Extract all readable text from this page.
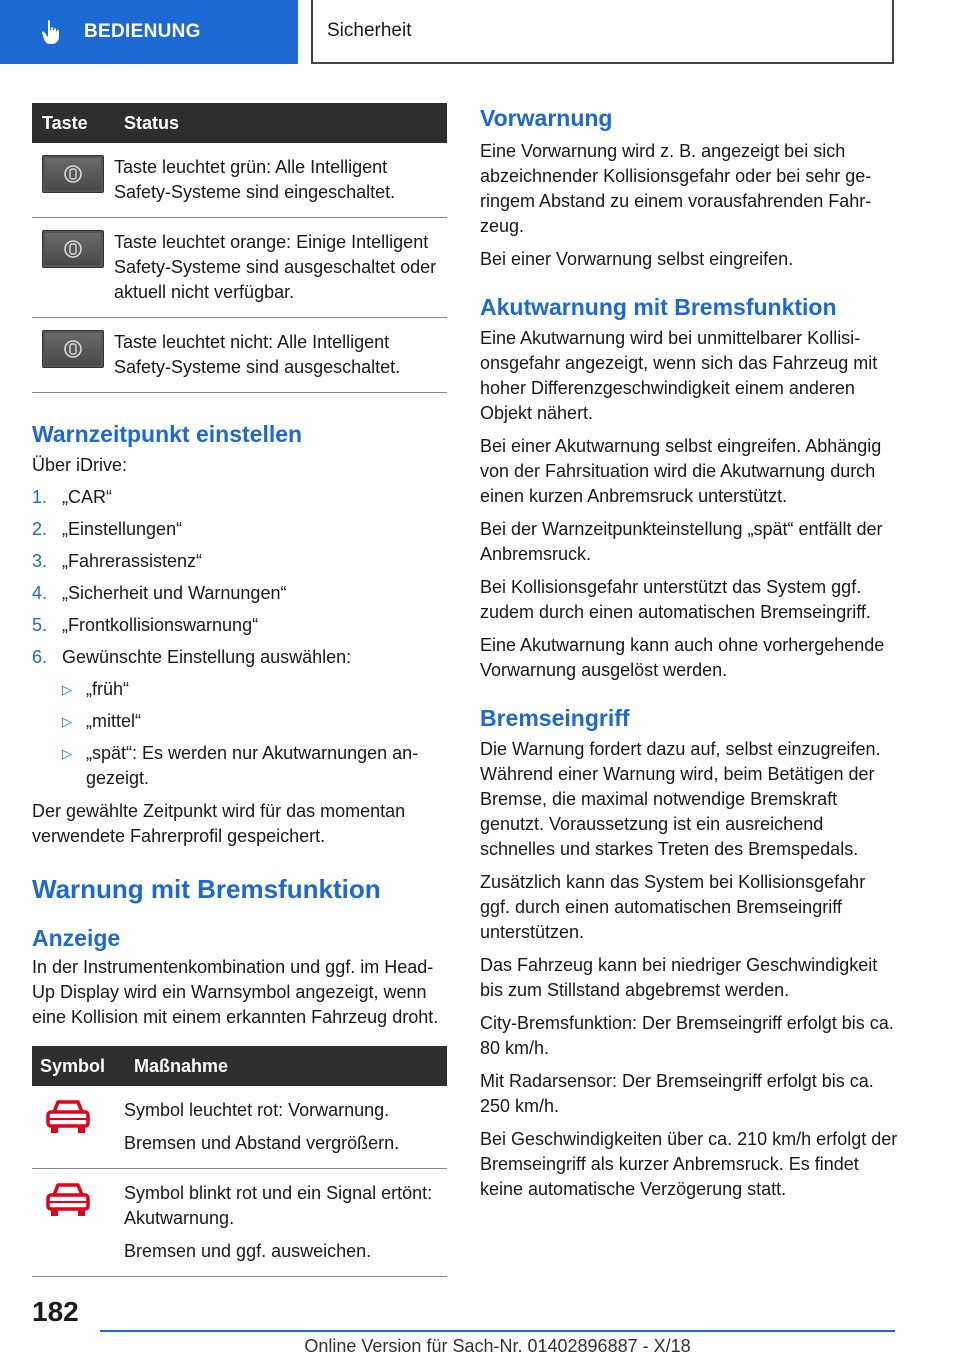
BEDIENUNG	Sicherheit
Taste	Status

	Taste leuchtet grün: Alle Intelligent Safety-Systeme sind eingeschaltet.

	Taste leuchtet orange: Einige Intelligent Safety-Systeme sind ausgeschaltet oder aktuell nicht verfügbar.

	Taste leuchtet nicht: Alle Intelligent Safety-Systeme sind ausgeschaltet.
Warnzeitpunkt einstellen

Über iDrive:

1. „CAR“
2. „Einstellungen“
3. „Fahrerassistenz“
4. „Sicherheit und Warnungen“
5. „Frontkollisionswarnung“
6. Gewünschte Einstellung auswählen:
▷ „früh“
▷ „mittel“
▷ „spät“: Es werden nur Akutwarnungen angezeigt.

Der gewählte Zeitpunkt wird für das momentan verwendete Fahrerprofil gespeichert.

Warnung mit Bremsfunktion
Anzeige

In der Instrumentenkombination und ggf. im Head-Up Display wird ein Warnsymbol angezeigt, wenn eine Kollision mit einem erkannten Fahrzeug droht.

Symbol	Maßnahme

Symbol leuchtet rot: Vorwarnung.

Bremsen und Abstand vergrößern.

Symbol blinkt rot und ein Signal ertönt: Akutwarnung.

Bremsen und ggf. ausweichen.

Vorwarnung

Eine Vorwarnung wird z. B. angezeigt bei sich abzeichnender Kollisionsgefahr oder bei sehr geringem Abstand zu einem vorausfahrenden Fahrzeug.

Bei einer Vorwarnung selbst eingreifen.

Akutwarnung mit Bremsfunktion

Eine Akutwarnung wird bei unmittelbarer Kollisionsgefahr angezeigt, wenn sich das Fahrzeug mit hoher Differenzgeschwindigkeit einem anderen Objekt nähert.

Bei einer Akutwarnung selbst eingreifen. Abhängig von der Fahrsituation wird die Akutwarnung durch einen kurzen Anbremsruck unterstützt.

Bei der Warnzeitpunkteinstellung „spät“ entfällt der Anbremsruck.

Bei Kollisionsgefahr unterstützt das System ggf. zudem durch einen automatischen Bremseingriff.

Eine Akutwarnung kann auch ohne vorhergehende Vorwarnung ausgelöst werden.

Bremseingriff

Die Warnung fordert dazu auf, selbst einzugreifen. Während einer Warnung wird, beim Betätigen der Bremse, die maximal notwendige Bremskraft genutzt. Voraussetzung ist ein ausreichend schnelles und starkes Treten des Bremspedals.

Zusätzlich kann das System bei Kollisionsgefahr ggf. durch einen automatischen Bremseingriff unterstützen.

Das Fahrzeug kann bei niedriger Geschwindigkeit bis zum Stillstand abgebremst werden.

City-Bremsfunktion: Der Bremseingriff erfolgt bis ca. 80 km/h.

Mit Radarsensor: Der Bremseingriff erfolgt bis ca. 250 km/h.

Bei Geschwindigkeiten über ca. 210 km/h erfolgt der Bremseingriff als kurzer Anbremsruck. Es findet keine automatische Verzögerung statt.

182
Online Version für Sach-Nr. 01402896887 - X/18
